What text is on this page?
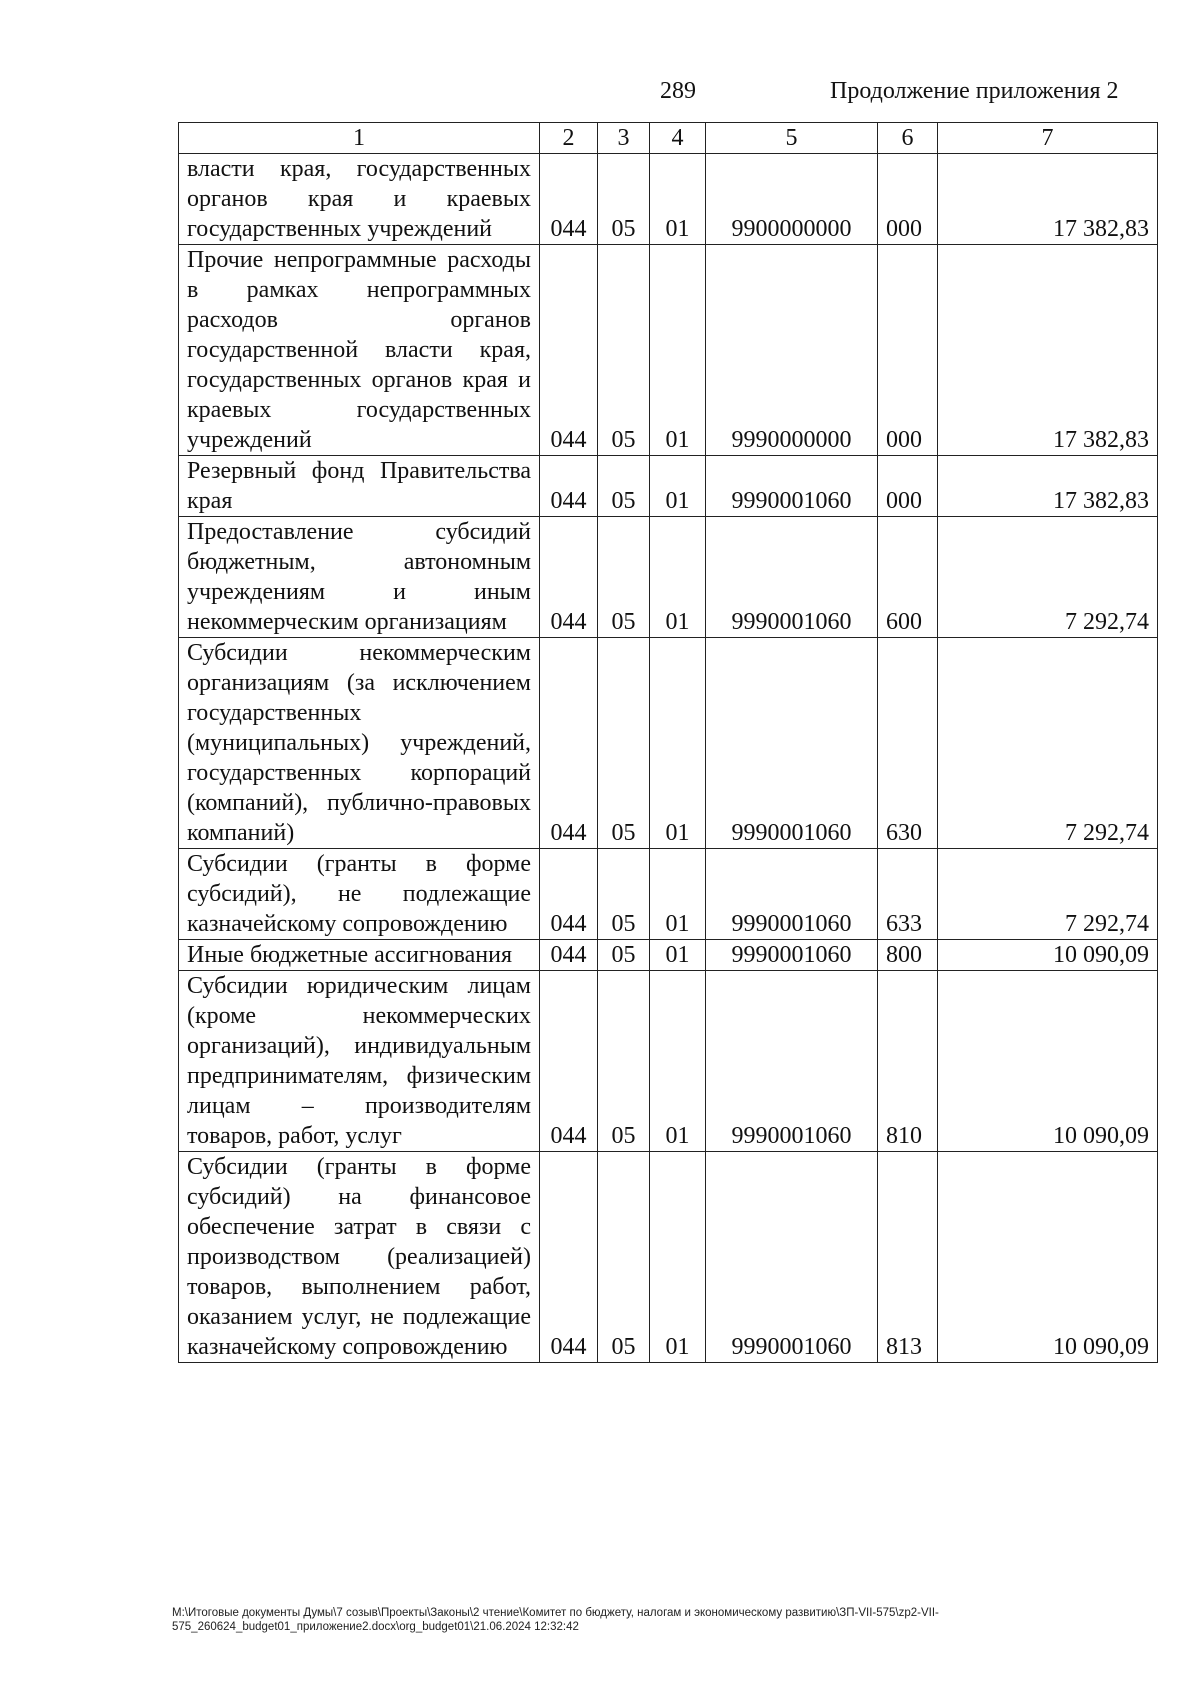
289	Продолжение приложения 2
1	2	3	4	5	6	7
власти края, государственных органов края и краевых государственных учреждений	044	05	01	9900000000	000	17 382,83
Прочие непрограммные расходы в рамках непрограммных расходов органов государственной власти края, государственных органов края и краевых государственных учреждений	044	05	01	9990000000	000	17 382,83
Резервный фонд Правительства края	044	05	01	9990001060	000	17 382,83
Предоставление субсидий бюджетным, автономным учреждениям и иным некоммерческим организациям	044	05	01	9990001060	600	7 292,74
Субсидии некоммерческим организациям (за исключением государственных (муниципальных) учреждений, государственных корпораций (компаний), публично-правовых компаний)	044	05	01	9990001060	630	7 292,74
Субсидии (гранты в форме субсидий), не подлежащие казначейскому сопровождению	044	05	01	9990001060	633	7 292,74
Иные бюджетные ассигнования	044	05	01	9990001060	800	10 090,09
Субсидии юридическим лицам (кроме некоммерческих организаций), индивидуальным предпринимателям, физическим лицам – производителям товаров, работ, услуг	044	05	01	9990001060	810	10 090,09
Субсидии (гранты в форме субсидий) на финансовое обеспечение затрат в связи с производством (реализацией) товаров, выполнением работ, оказанием услуг, не подлежащие казначейскому сопровождению	044	05	01	9990001060	813	10 090,09
M:\Итоговые документы Думы\7 созыв\Проекты\Законы\2 чтение\Комитет по бюджету, налогам и экономическому развитию\ЗП-VII-575\zp2-VII-575_260624_budget01_приложение2.docx\org_budget01\21.06.2024 12:32:42
